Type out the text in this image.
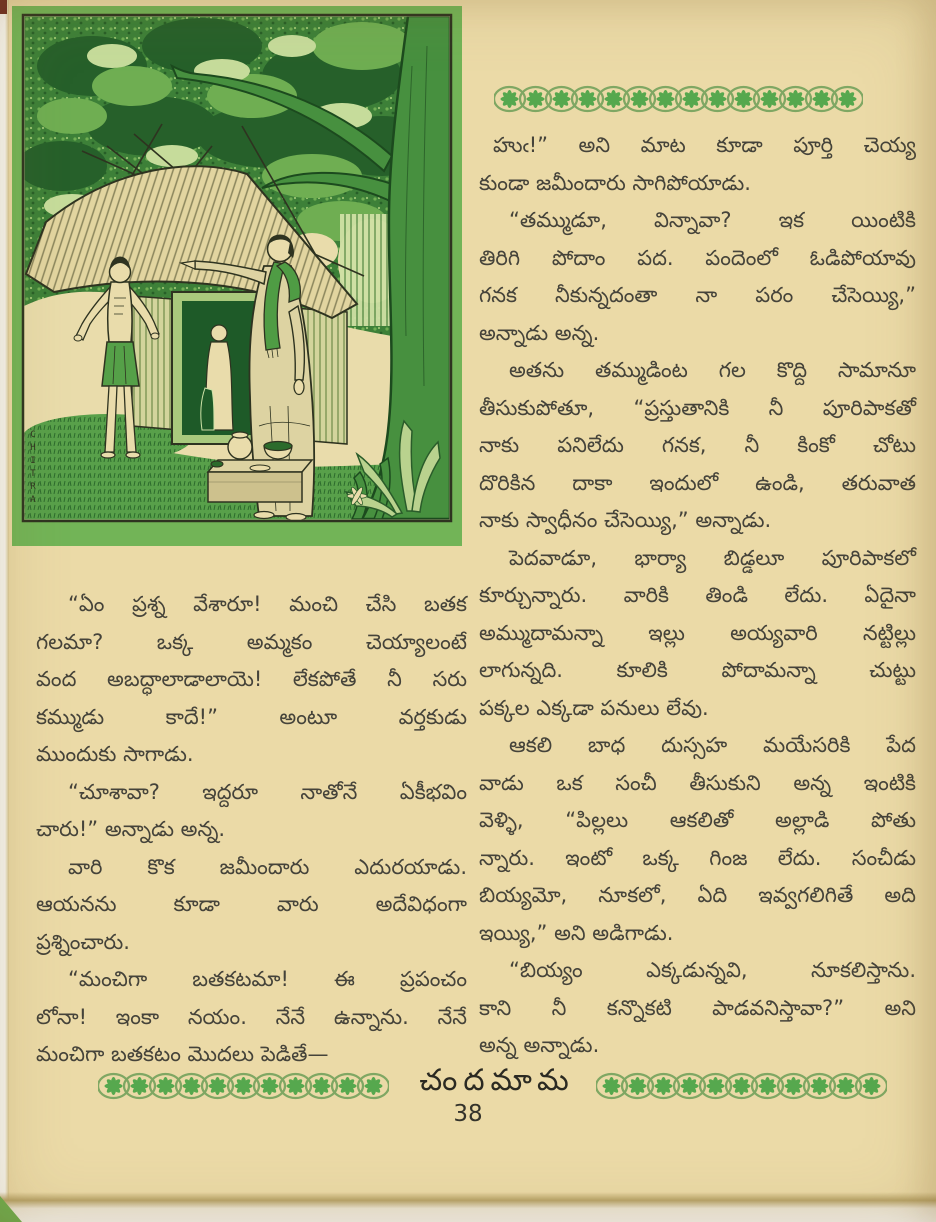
CHITRA
హుఁ!” అని మాట కూడా పూర్తి చెయ్య
కుండా జమీందారు సాగిపోయాడు.
“తమ్ముడూ, విన్నావా? ఇక యింటికి
తిరిగి పోదాం పద. పందెంలో ఓడిపోయావు
గనక నీకున్నదంతా నా పరం చేసెయ్యి,”
అన్నాడు అన్న.
అతను తమ్ముడింట గల కొద్ది సామానూ
తీసుకుపోతూ, “ప్రస్తుతానికి నీ పూరిపాకతో
నాకు పనిలేదు గనక, నీ కింకో చోటు
దొరికిన దాకా ఇందులో ఉండి, తరువాత
నాకు స్వాధీనం చేసెయ్యి,” అన్నాడు.
పెదవాడూ, భార్యా బిడ్డలూ పూరిపాకలో
కూర్చున్నారు. వారికి తిండి లేదు. ఏదైనా
అమ్ముదామన్నా ఇల్లు అయ్యవారి నట్టిల్లు
లాగున్నది. కూలికి పోదామన్నా చుట్టు
పక్కల ఎక్కడా పనులు లేవు.
ఆకలి బాధ దుస్సహ మయేసరికి పేద
వాడు ఒక సంచీ తీసుకుని అన్న ఇంటికి
వెళ్ళి, “పిల్లలు ఆకలితో అల్లాడి పోతు
న్నారు. ఇంటో ఒక్క గింజ లేదు. సంచీడు
బియ్యమో, నూకలో, ఏది ఇవ్వగలిగితే అది
ఇయ్యి,” అని అడిగాడు.
“బియ్యం ఎక్కడున్నవి, నూకలిస్తాను.
కాని నీ కన్నొకటి పాడవనిస్తావా?” అని
అన్న అన్నాడు.
“ఏం ప్రశ్న వేశారూ! మంచి చేసి బతక
గలమా? ఒక్క అమ్మకం చెయ్యాలంటే
వంద అబద్ధాలాడాలాయె! లేకపోతే నీ సరు
కమ్ముడు కాదే!” అంటూ వర్తకుడు
ముందుకు సాగాడు.
“చూశావా? ఇద్దరూ నాతోనే ఏకీభవిం
చారు!” అన్నాడు అన్న.
వారి కొక జమీందారు ఎదురయాడు.
ఆయనను కూడా వారు అదేవిధంగా
ప్రశ్నించారు.
“మంచిగా బతకటమా! ఈ ప్రపంచం
లోనా! ఇంకా నయం. నేనే ఉన్నాను. నేనే
మంచిగా బతకటం మొదలు పెడితే—
చందమామ
38
